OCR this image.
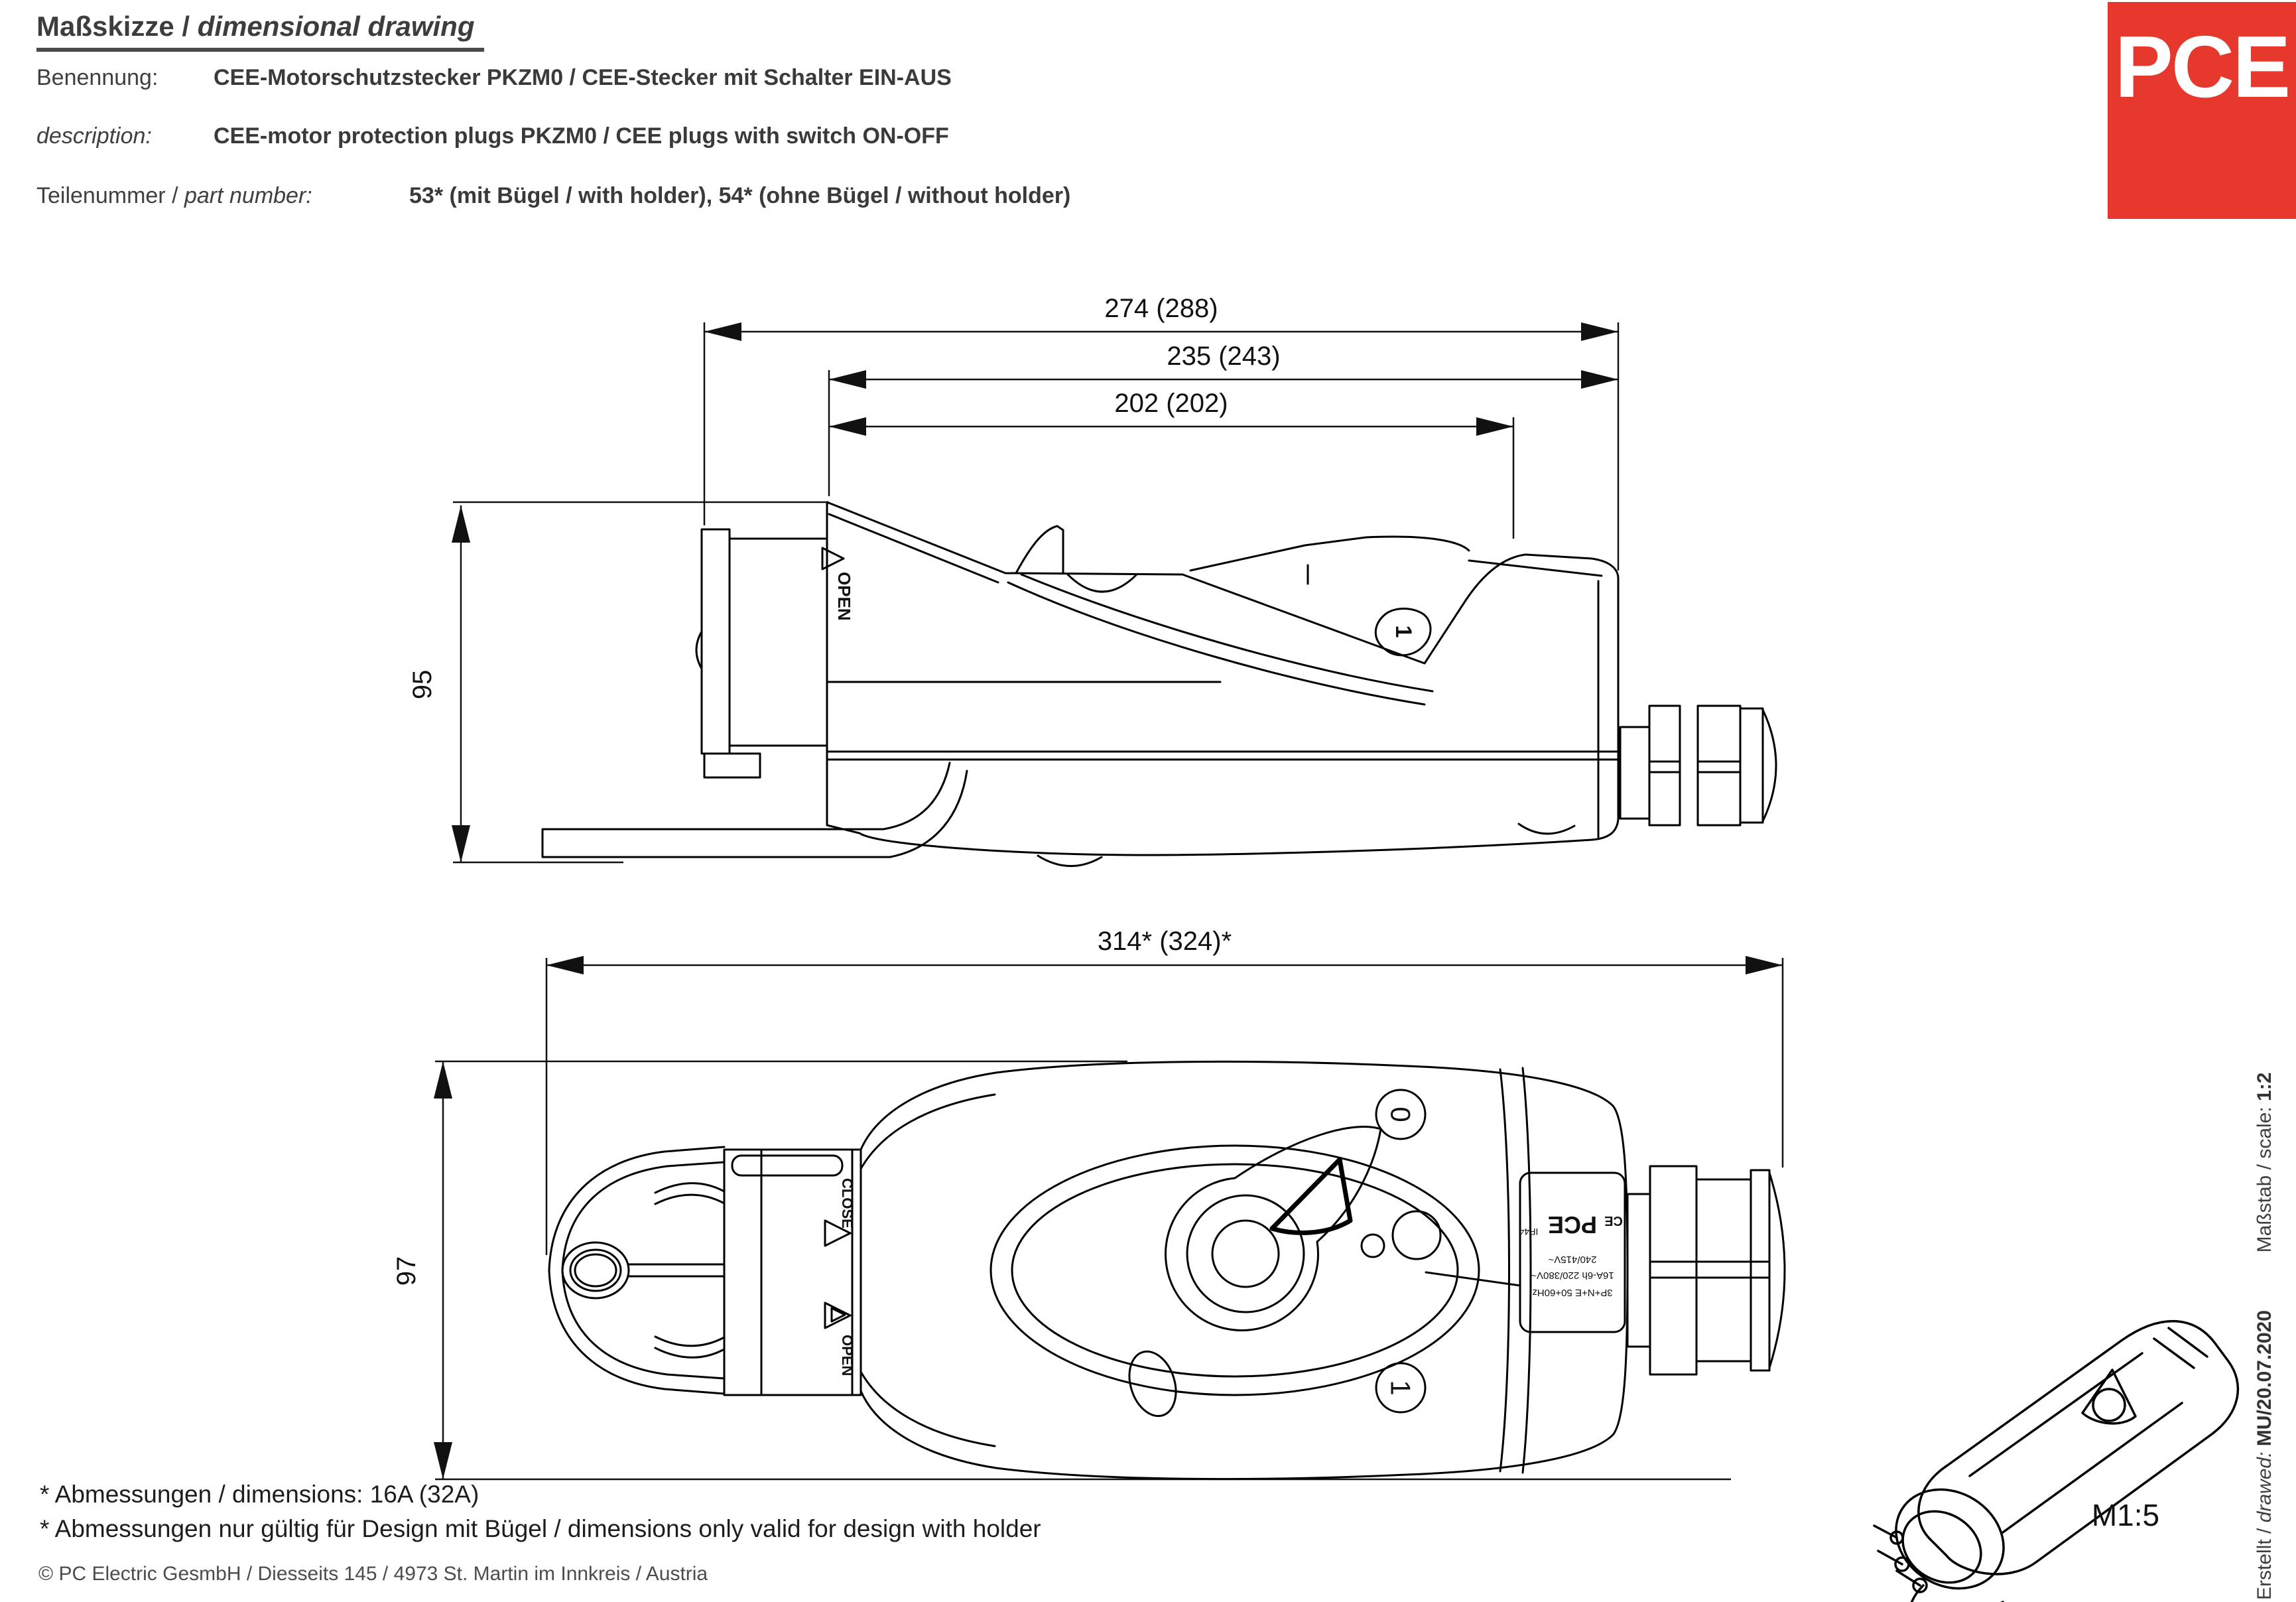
Maßskizze / dimensional drawing
Benennung: CEE-Motorschutzstecker PKZM0 / CEE-Stecker mit Schalter EIN-AUS
description:	CEE-motor protection plugs PKZM0 / CEE plugs with switch ON-OFF
Teilenummer / part number:	53* (mit Bügel / with holder), 54* (ohne Bügel / without holder)
PCE
274 (288)
235 (243)
202 (202)
95
314* (324)*
97
OPEN
1
CLOSE
OPEN
0
1
3P+N+E 50+60Hz
16A-6h 220/380V~
240/415V~
PCE
IP44
CE
M1:5
* Abmessungen / dimensions: 16A (32A)
* Abmessungen nur gültig für Design mit Bügel / dimensions only valid for design with holder
© PC Electric GesmbH / Diesseits 145 / 4973 St. Martin im Innkreis / Austria	Erstellt / drawed: MU/20.07.2020  Maßstab / scale: 1:2
